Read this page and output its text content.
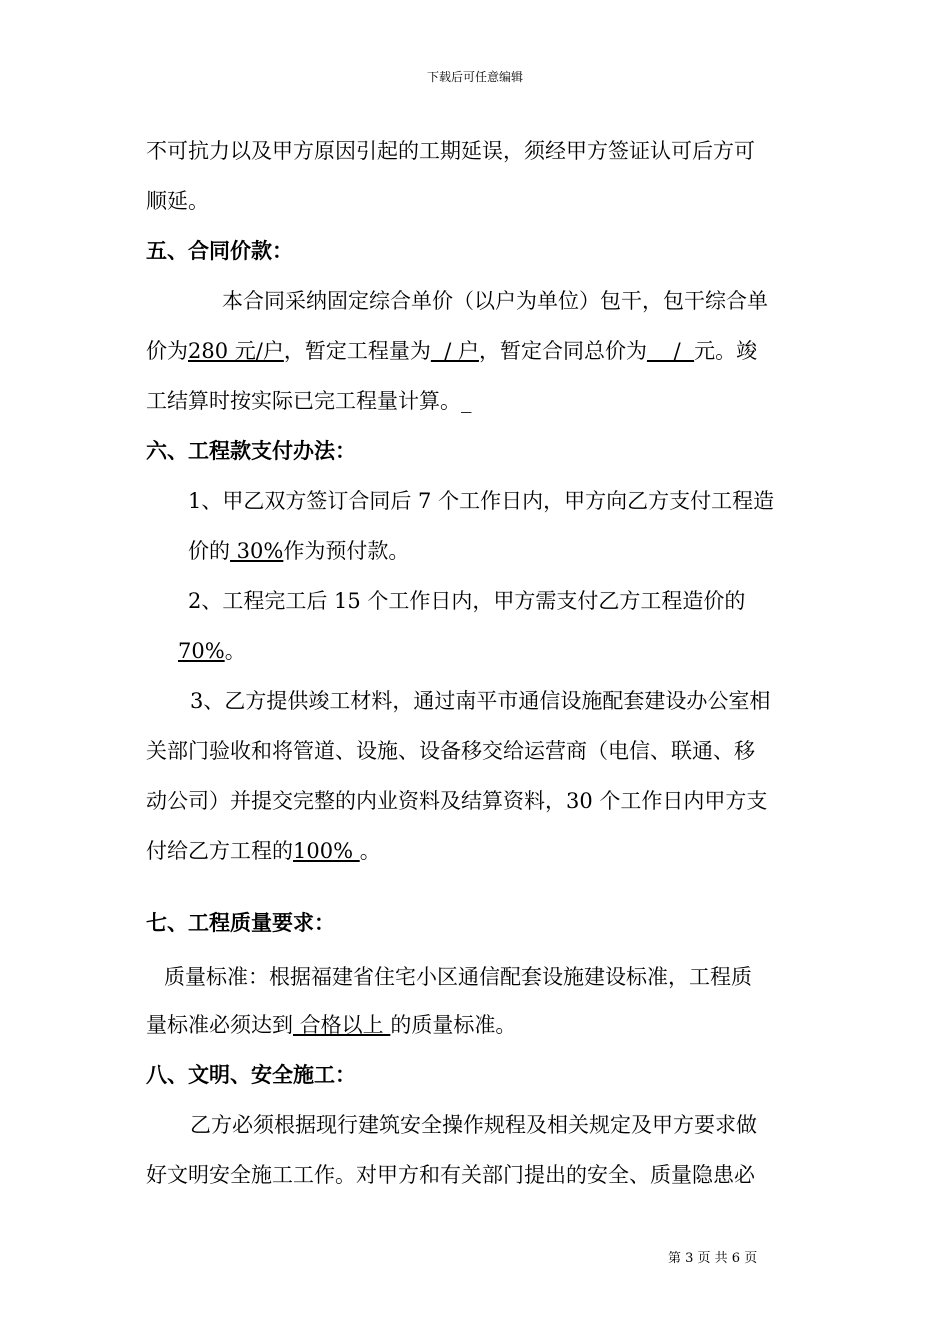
下载后可任意编辑
不可抗力以及甲方原因引起的工期延误，须经甲方签证认可后方可
顺延。
五、合同价款：
本合同采纳固定综合单价（以户为单位）包干，包干综合单
价为280 元/户，暂定工程量为  / 户，暂定合同总价为    /  元。竣
工结算时按实际已完工程量计算。_
六、工程款支付办法：
1、甲乙双方签订合同后 7 个工作日内，甲方向乙方支付工程造
价的 30%作为预付款。
2、工程完工后 15 个工作日内，甲方需支付乙方工程造价的
70%。
3、乙方提供竣工材料，通过南平市通信设施配套建设办公室相
关部门验收和将管道、设施、设备移交给运营商（电信、联通、移
动公司）并提交完整的内业资料及结算资料，30 个工作日内甲方支
付给乙方工程的100% 。
七、工程质量要求：
质量标准：根据福建省住宅小区通信配套设施建设标准，工程质
量标准必须达到 合格以上 的质量标准。
八、文明、安全施工：
乙方必须根据现行建筑安全操作规程及相关规定及甲方要求做
好文明安全施工工作。对甲方和有关部门提出的安全、质量隐患必
第 3 页 共 6 页
